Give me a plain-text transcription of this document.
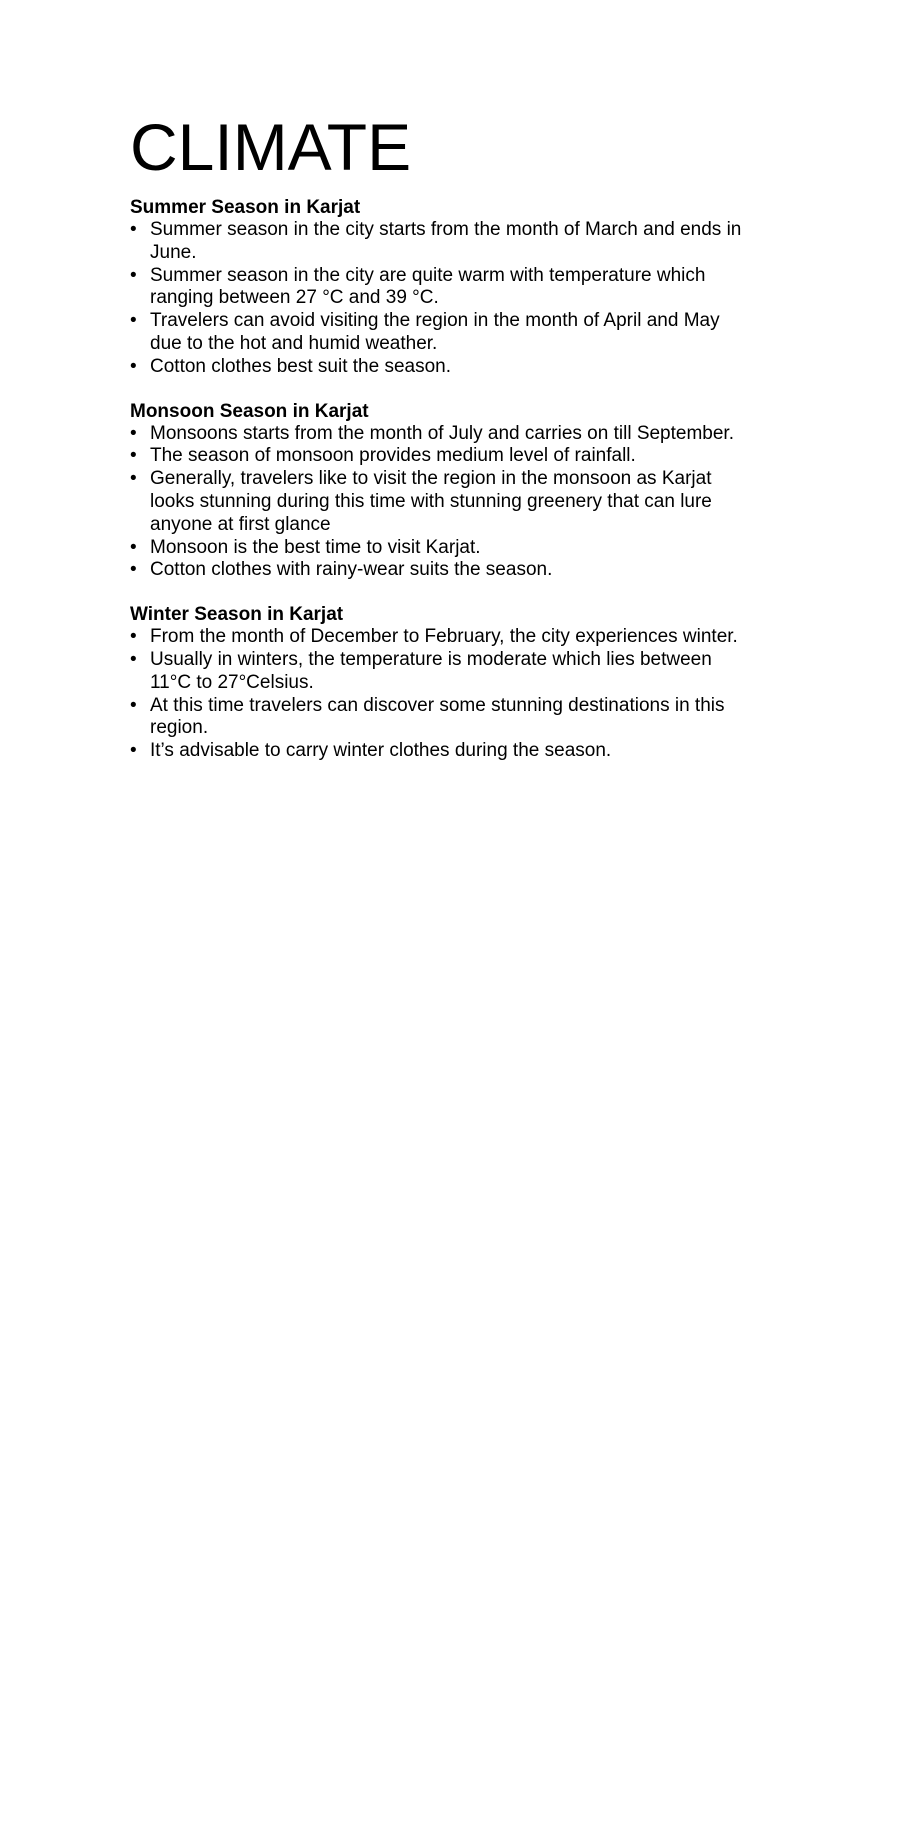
CLIMATE
Summer Season in Karjat
• Summer season in the city starts from the month of March and ends in June.
• Summer season in the city are quite warm with temperature which ranging between 27 °C and 39 °C.
• Travelers can avoid visiting the region in the month of April and May due to the hot and humid weather.
• Cotton clothes best suit the season.
Monsoon Season in Karjat
• Monsoons starts from the month of July and carries on till September.
• The season of monsoon provides medium level of rainfall.
• Generally, travelers like to visit the region in the monsoon as Karjat looks stunning during this time with stunning greenery that can lure anyone at first glance
• Monsoon is the best time to visit Karjat.
• Cotton clothes with rainy-wear suits the season.
Winter Season in Karjat
• From the month of December to February, the city experiences winter.
• Usually in winters, the temperature is moderate which lies between 11°C to 27°Celsius.
• At this time travelers can discover some stunning destinations in this region.
• It’s advisable to carry winter clothes during the season.
